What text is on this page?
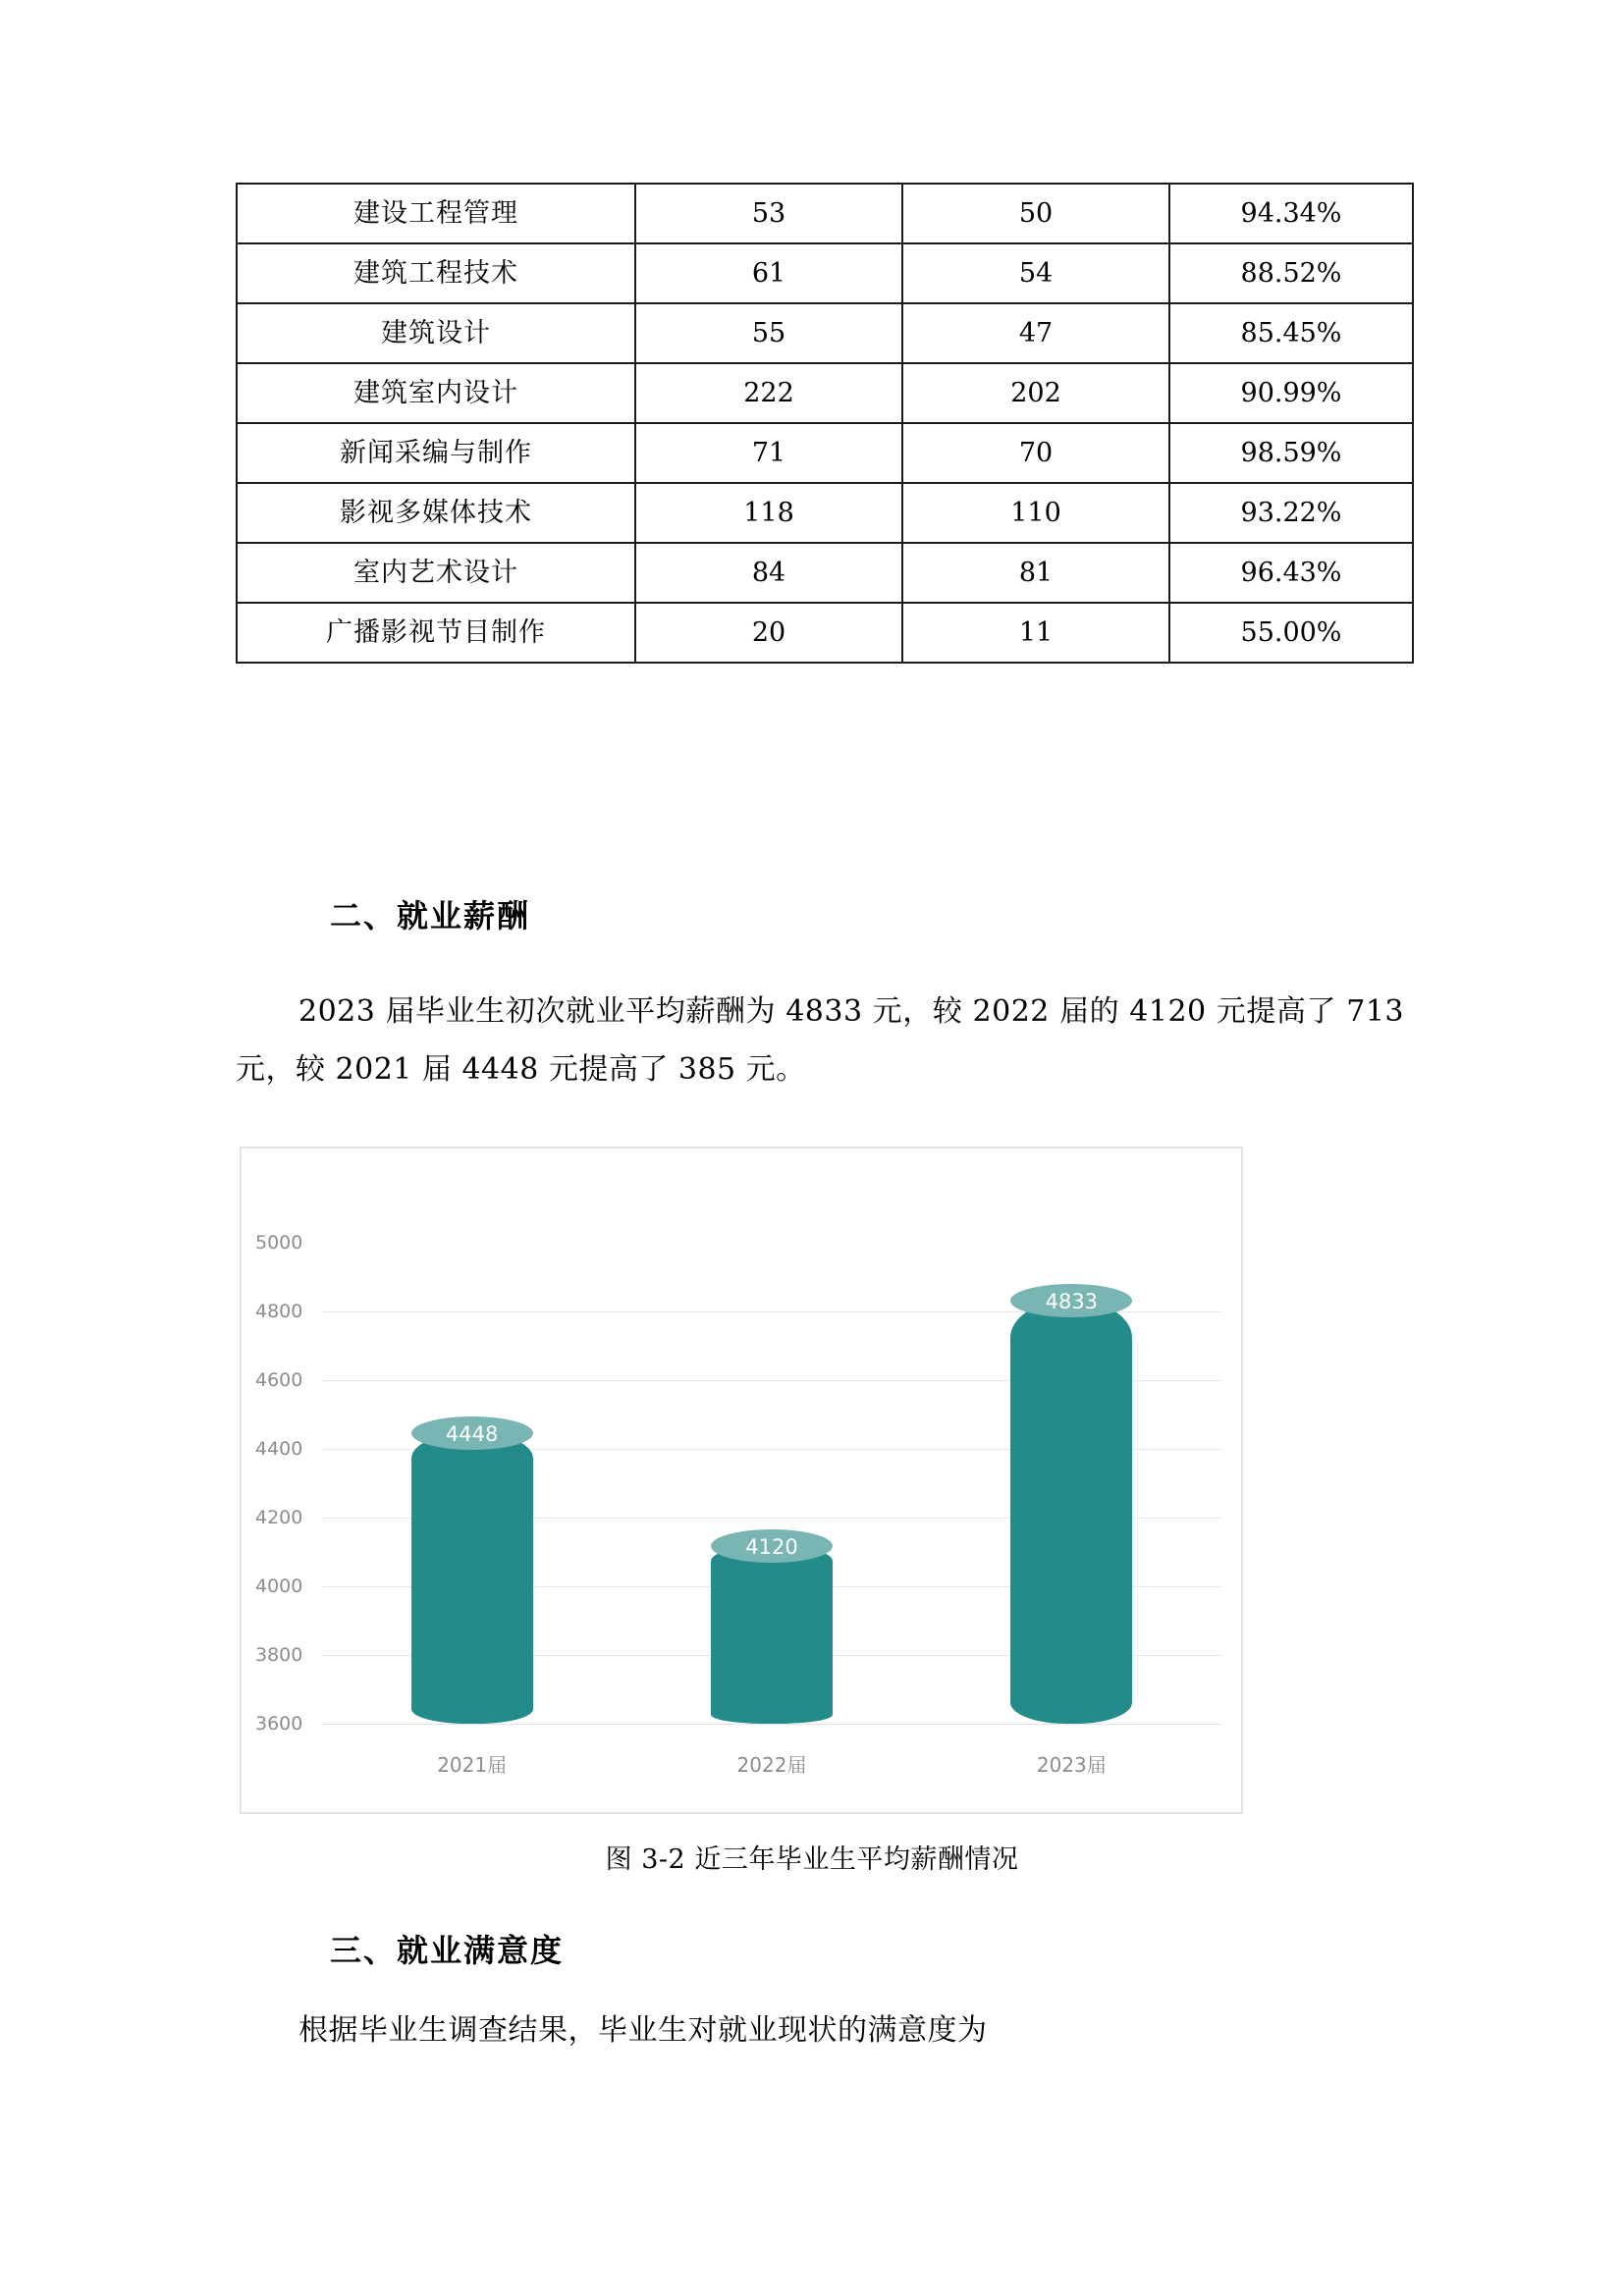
建设工程管理	53	50	94.34%
建筑工程技术	61	54	88.52%
建筑设计	55	47	85.45%
建筑室内设计	222	202	90.99%
新闻采编与制作	71	70	98.59%
影视多媒体技术	118	110	93.22%
室内艺术设计	84	81	96.43%
广播影视节目制作	20	11	55.00%
二、就业薪酬
2023 届毕业生初次就业平均薪酬为 4833 元，较 2022 届的 4120 元提高了 713 元，较 2021 届 4448 元提高了 385 元。
5000
4800
4600
4400
4200
4000
3800
3600
4448
2021届
4120
2022届
4833
2023届
图 3-2 近三年毕业生平均薪酬情况
三、就业满意度
根据毕业生调查结果，毕业生对就业现状的满意度为
